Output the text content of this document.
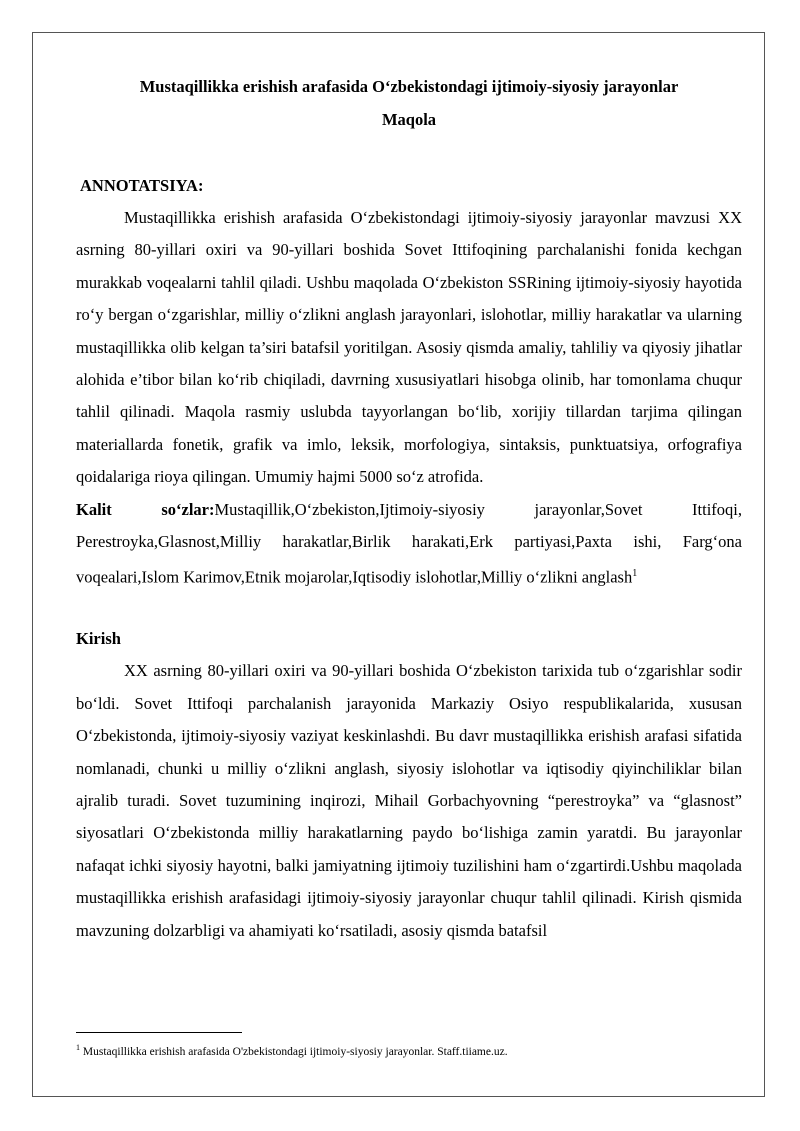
Mustaqillikka erishish arafasida O‘zbekistondagi ijtimoiy-siyosiy jarayonlar

Maqola

ANNOTATSIYA:

Mustaqillikka erishish arafasida O‘zbekistondagi ijtimoiy-siyosiy jarayonlar mavzusi XX asrning 80-yillari oxiri va 90-yillari boshida Sovet Ittifoqining parchalanishi fonida kechgan murakkab voqealarni tahlil qiladi. Ushbu maqolada O‘zbekiston SSRining ijtimoiy-siyosiy hayotida ro‘y bergan o‘zgarishlar, milliy o‘zlikni anglash jarayonlari, islohotlar, milliy harakatlar va ularning mustaqillikka olib kelgan ta’siri batafsil yoritilgan. Asosiy qismda amaliy, tahliliy va qiyosiy jihatlar alohida e’tibor bilan ko‘rib chiqiladi, davrning xususiyatlari hisobga olinib, har tomonlama chuqur tahlil qilinadi. Maqola rasmiy uslubda tayyorlangan bo‘lib, xorijiy tillardan tarjima qilingan materiallarda fonetik, grafik va imlo, leksik, morfologiya, sintaksis, punktuatsiya, orfografiya qoidalariga rioya qilingan. Umumiy hajmi 5000 so‘z atrofida.

Kalit so‘zlar:Mustaqillik,O‘zbekiston,Ijtimoiy-siyosiy jarayonlar,Sovet Ittifoqi, Perestroyka,Glasnost,Milliy harakatlar,Birlik harakati,Erk partiyasi,Paxta ishi, Farg‘ona voqealari,Islom Karimov,Etnik mojarolar,Iqtisodiy islohotlar,Milliy o‘zlikni anglash$^1$

Kirish

XX asrning 80-yillari oxiri va 90-yillari boshida O‘zbekiston tarixida tub o‘zgarishlar sodir bo‘ldi. Sovet Ittifoqi parchalanish jarayonida Markaziy Osiyo respublikalarida, xususan O‘zbekistonda, ijtimoiy-siyosiy vaziyat keskinlashdi. Bu davr mustaqillikka erishish arafasi sifatida nomlanadi, chunki u milliy o‘zlikni anglash, siyosiy islohotlar va iqtisodiy qiyinchiliklar bilan ajralib turadi. Sovet tuzumining inqirozi, Mihail Gorbachyovning “perestroyka” va “glasnost” siyosatlari O‘zbekistonda milliy harakatlarning paydo bo‘lishiga zamin yaratdi. Bu jarayonlar nafaqat ichki siyosiy hayotni, balki jamiyatning ijtimoiy tuzilishini ham o‘zgartirdi.Ushbu maqolada mustaqillikka erishish arafasidagi ijtimoiy-siyosiy jarayonlar chuqur tahlil qilinadi. Kirish qismida mavzuning dolzarbligi va ahamiyati ko‘rsatiladi, asosiy qismda batafsil

$^1$ Mustaqillikka erishish arafasida O'zbekistondagi ijtimoiy-siyosiy jarayonlar. Staff.tiiame.uz.
